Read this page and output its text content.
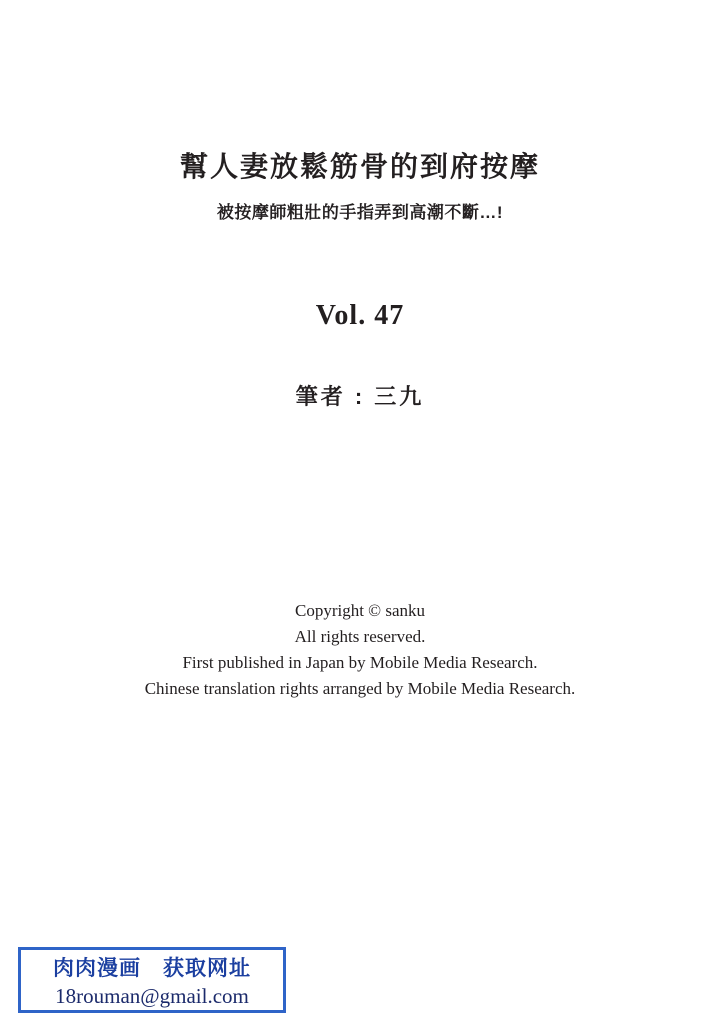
幫人妻放鬆筋骨的到府按摩

被按摩師粗壯的手指弄到高潮不斷…!

Vol. 47
筆者 : 三九
Copyright © sanku
All rights reserved.
First published in Japan by Mobile Media Research.
Chinese translation rights arranged by Mobile Media Research.
肉肉漫画　获取网址
18rouman@gmail.com
